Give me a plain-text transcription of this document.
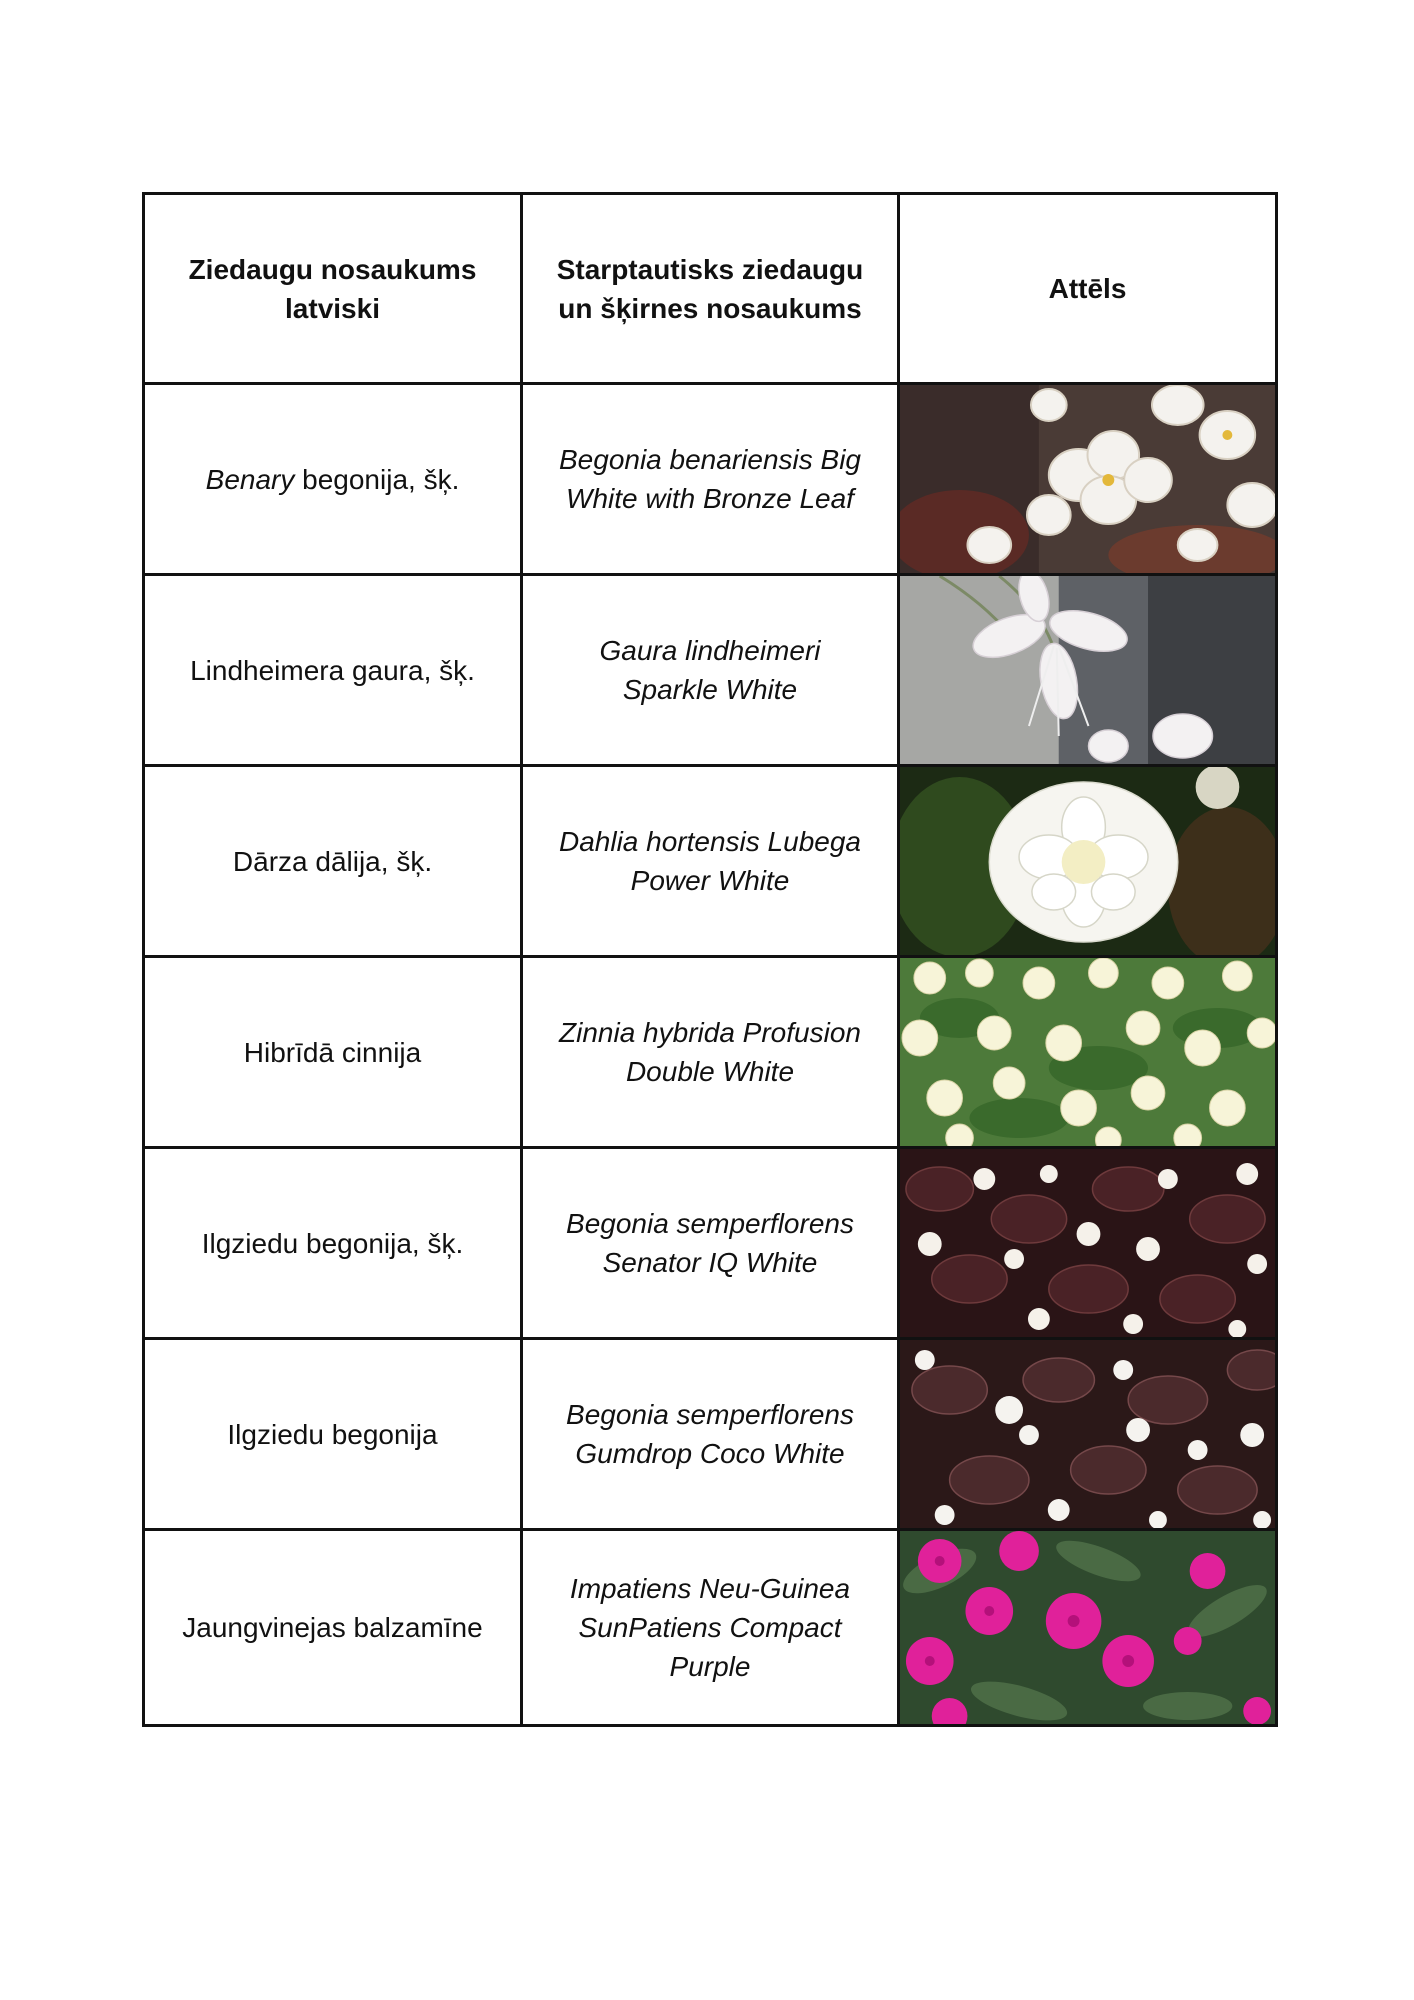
Ziedaugu nosaukums latviski	Starptautisks ziedaugu un šķirnes nosaukums	Attēls

Benary begonija, šķ.	Begonia benariensis Big White with Bronze Leaf

Lindheimera gaura, šķ.	Gaura lindheimeri Sparkle White

Dārza dālija, šķ.	Dahlia hortensis Lubega Power White

Hibrīdā cinnija	Zinnia hybrida Profusion Double White

Ilgziedu begonija, šķ.	Begonia semperflorens Senator IQ White

Ilgziedu begonija	Begonia semperflorens Gumdrop Coco White

Jaungvinejas balzamīne	Impatiens Neu-Guinea SunPatiens Compact Purple
